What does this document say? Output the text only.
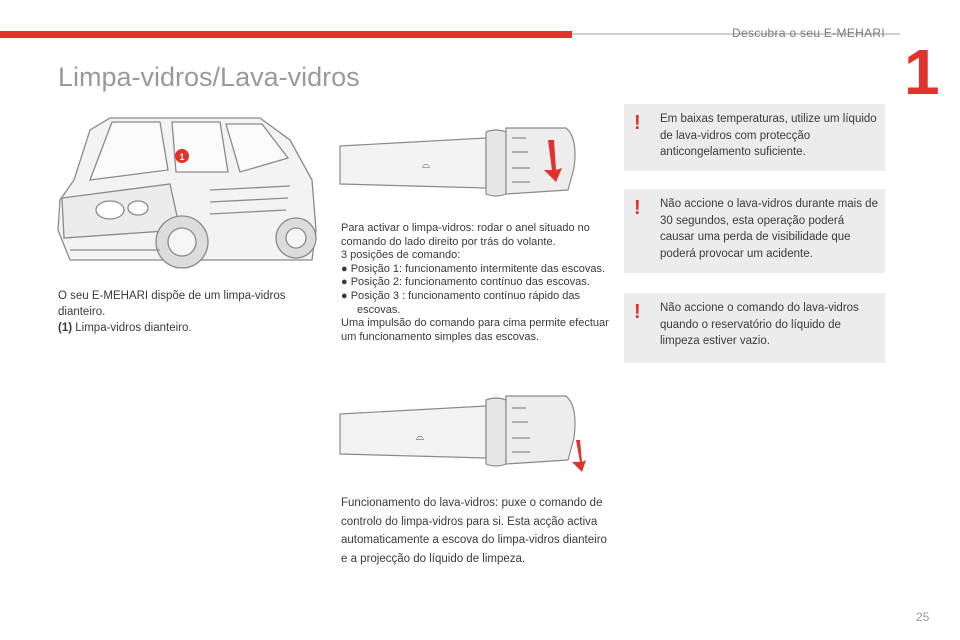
Descubra o seu E-MEHARI
1
Limpa-vidros/Lava-vidros
1
O seu E-MEHARI dispõe de um limpa-vidros dianteiro.
(1) Limpa-vidros dianteiro.
⌓
Para activar o limpa-vidros: rodar o anel situado no comando do lado direito por trás do volante.
3 posições de comando:
● Posição 1: funcionamento intermitente das escovas.
● Posição 2: funcionamento contínuo das escovas.
● Posição 3 : funcionamento contínuo rápido das escovas.
Uma impulsão do comando para cima permite efectuar um funcionamento simples das escovas.
⌓
Funcionamento do lava-vidros: puxe o comando de controlo do limpa-vidros para si. Esta acção activa automaticamente a escova do limpa-vidros dianteiro e a projecção do líquido de limpeza.
! Em baixas temperaturas, utilize um líquido de lava-vidros com protecção anticongelamento suficiente.
! Não accione o lava-vidros durante mais de 30 segundos, esta operação poderá causar uma perda de visibilidade que poderá provocar um acidente.
! Não accione o comando do lava-vidros quando o reservatório do líquido de limpeza estiver vazio.
25
